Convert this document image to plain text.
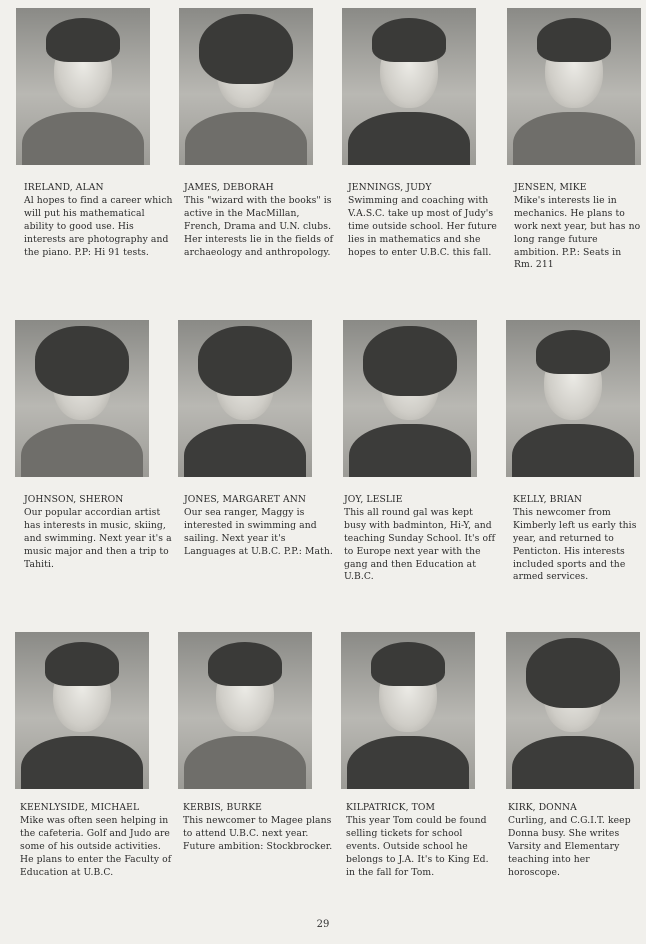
IRELAND, ALAN
Al hopes to find a career which will put his mathematical ability to good use. His interests are photography and the piano. P.P: Hi 91 tests.
JAMES, DEBORAH
This "wizard with the books" is active in the MacMillan, French, Drama and U.N. clubs. Her interests lie in the fields of archaeology and anthropology.
JENNINGS, JUDY
Swimming and coaching with V.A.S.C. take up most of Judy's time outside school. Her future lies in mathematics and she hopes to enter U.B.C. this fall.
JENSEN, MIKE
Mike's interests lie in mechanics. He plans to work next year, but has no long range future ambition. P.P.: Seats in Rm. 211
JOHNSON, SHERON
Our popular accordian artist has interests in music, skiing, and swimming. Next year it's a music major and then a trip to Tahiti.
JONES, MARGARET ANN
Our sea ranger, Maggy is interested in swimming and sailing. Next year it's Languages at U.B.C. P.P.: Math.
JOY, LESLIE
This all round gal was kept busy with badminton, Hi-Y, and teaching Sunday School. It's off to Europe next year with the gang and then Education at U.B.C.
KELLY, BRIAN
This newcomer from Kimberly left us early this year, and returned to Penticton. His interests included sports and the armed services.
KEENLYSIDE, MICHAEL
Mike was often seen helping in the cafeteria. Golf and Judo are some of his outside activities. He plans to enter the Faculty of Education at U.B.C.
KERBIS, BURKE
This newcomer to Magee plans to attend U.B.C. next year. Future ambition: Stockbrocker.
KILPATRICK, TOM
This year Tom could be found selling tickets for school events. Outside school he belongs to J.A. It's to King Ed. in the fall for Tom.
KIRK, DONNA
Curling, and C.G.I.T. keep Donna busy. She writes Varsity and Elementary teaching into her horoscope.
29
